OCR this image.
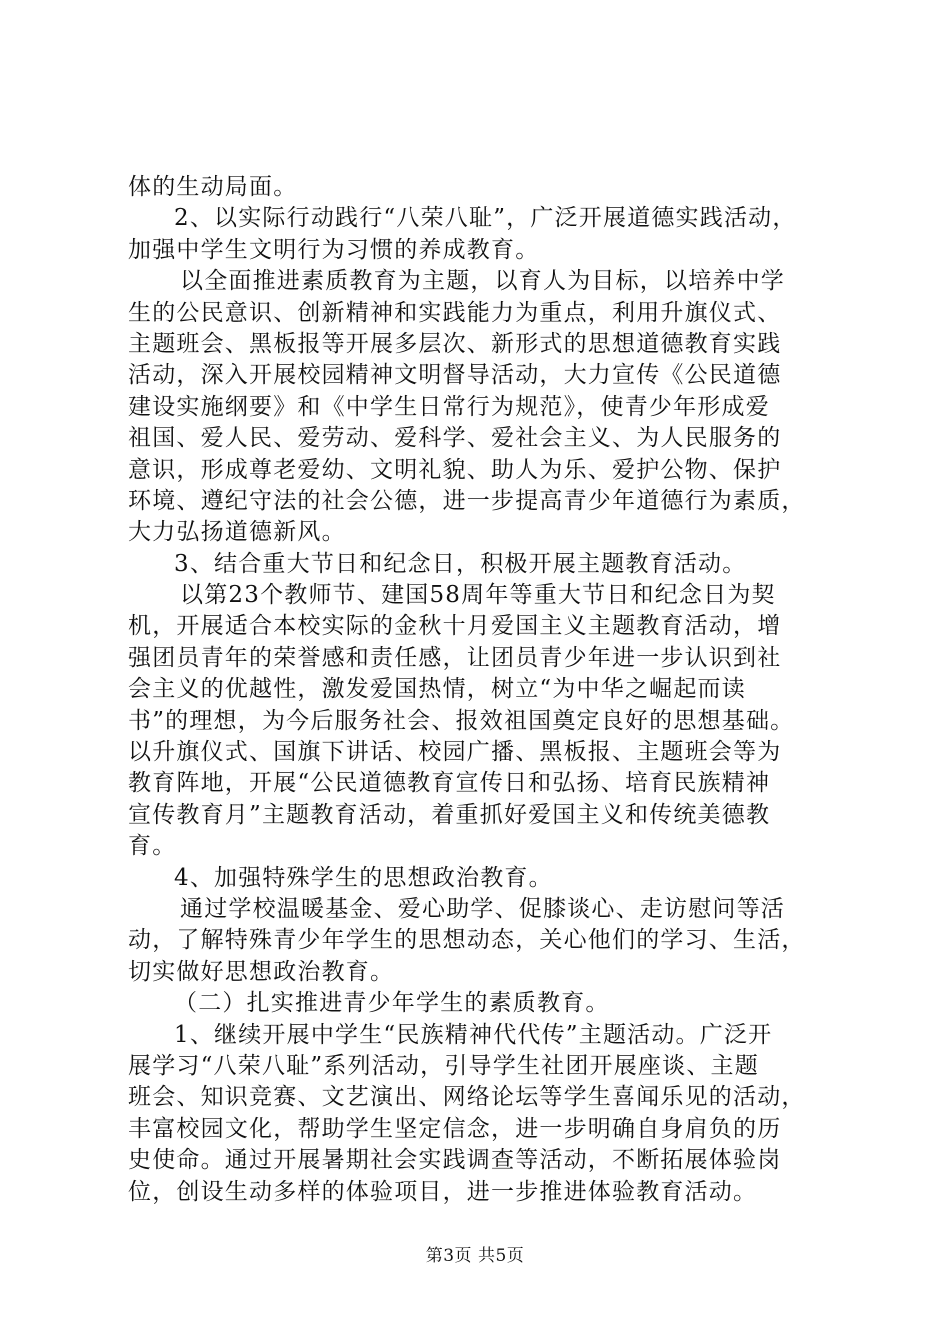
体的生动局面。
2、以实际行动践行“八荣八耻”，广泛开展道德实践活动，
加强中学生文明行为习惯的养成教育。
以全面推进素质教育为主题，以育人为目标，以培养中学
生的公民意识、创新精神和实践能力为重点，利用升旗仪式、
主题班会、黑板报等开展多层次、新形式的思想道德教育实践
活动，深入开展校园精神文明督导活动，大力宣传《公民道德
建设实施纲要》和《中学生日常行为规范》，使青少年形成爱
祖国、爱人民、爱劳动、爱科学、爱社会主义、为人民服务的
意识，形成尊老爱幼、文明礼貌、助人为乐、爱护公物、保护
环境、遵纪守法的社会公德，进一步提高青少年道德行为素质，
大力弘扬道德新风。
3、结合重大节日和纪念日，积极开展主题教育活动。
以第23个教师节、建国58周年等重大节日和纪念日为契
机，开展适合本校实际的金秋十月爱国主义主题教育活动，增
强团员青年的荣誉感和责任感，让团员青少年进一步认识到社
会主义的优越性，激发爱国热情，树立“为中华之崛起而读
书”的理想，为今后服务社会、报效祖国奠定良好的思想基础。
以升旗仪式、国旗下讲话、校园广播、黑板报、主题班会等为
教育阵地，开展“公民道德教育宣传日和弘扬、培育民族精神
宣传教育月”主题教育活动，着重抓好爱国主义和传统美德教
育。
4、加强特殊学生的思想政治教育。
通过学校温暖基金、爱心助学、促膝谈心、走访慰问等活
动，了解特殊青少年学生的思想动态，关心他们的学习、生活，
切实做好思想政治教育。
（二）扎实推进青少年学生的素质教育。
1、继续开展中学生“民族精神代代传”主题活动。广泛开
展学习“八荣八耻”系列活动，引导学生社团开展座谈、主题
班会、知识竞赛、文艺演出、网络论坛等学生喜闻乐见的活动，
丰富校园文化，帮助学生坚定信念，进一步明确自身肩负的历
史使命。通过开展暑期社会实践调查等活动，不断拓展体验岗
位，创设生动多样的体验项目，进一步推进体验教育活动。
第3页 共5页
